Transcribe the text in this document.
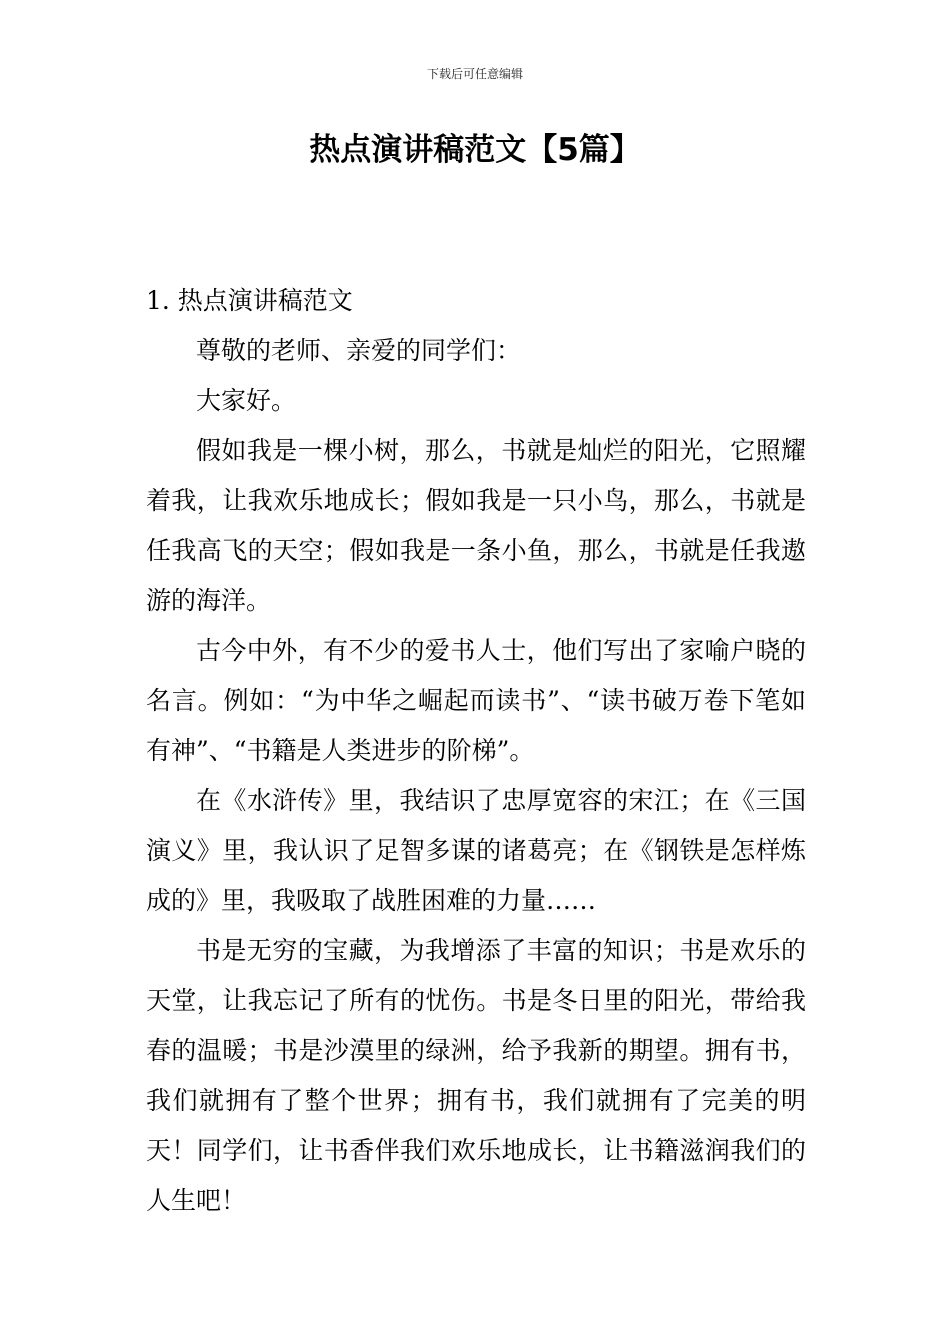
下载后可任意编辑
热点演讲稿范文【5篇】

1. 热点演讲稿范文

尊敬的老师、亲爱的同学们：

大家好。

假如我是一棵小树，那么，书就是灿烂的阳光，它照耀着我，让我欢乐地成长；假如我是一只小鸟，那么，书就是任我高飞的天空；假如我是一条小鱼，那么，书就是任我遨游的海洋。

古今中外，有不少的爱书人士，他们写出了家喻户晓的名言。例如：“为中华之崛起而读书”、“读书破万卷下笔如有神”、“书籍是人类进步的阶梯”。

在《水浒传》里，我结识了忠厚宽容的宋江；在《三国演义》里，我认识了足智多谋的诸葛亮；在《钢铁是怎样炼成的》里，我吸取了战胜困难的力量……

书是无穷的宝藏，为我增添了丰富的知识；书是欢乐的天堂，让我忘记了所有的忧伤。书是冬日里的阳光，带给我春的温暖；书是沙漠里的绿洲，给予我新的期望。拥有书，我们就拥有了整个世界；拥有书，我们就拥有了完美的明天！同学们，让书香伴我们欢乐地成长，让书籍滋润我们的人生吧！
